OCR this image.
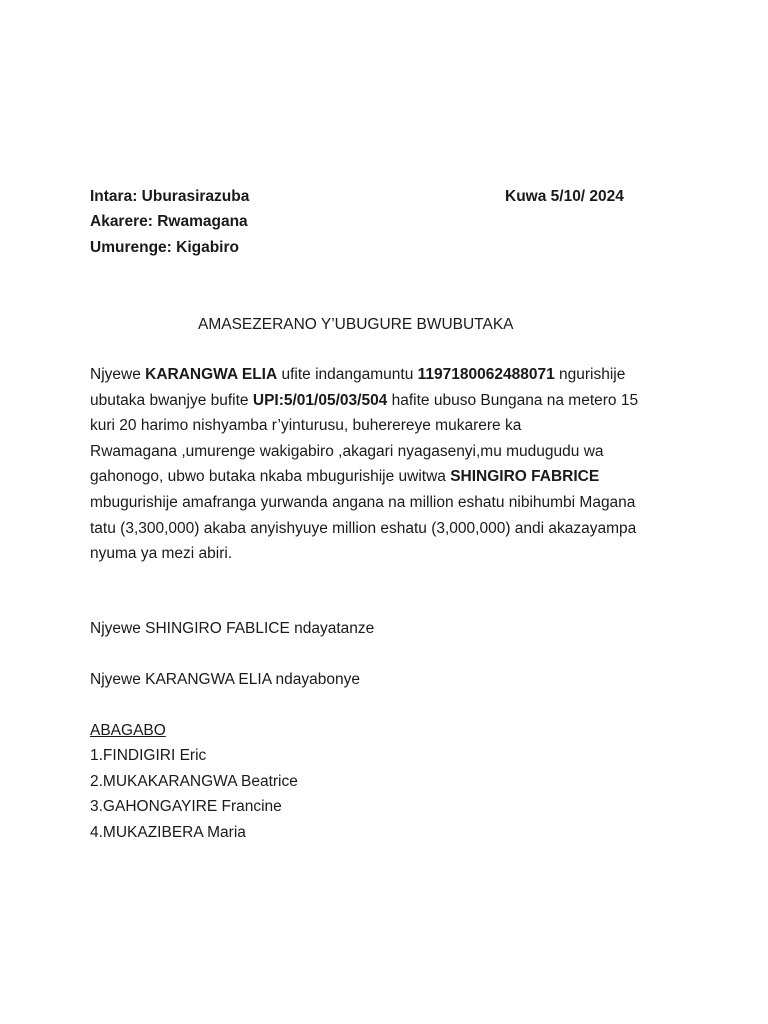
Intara: Uburasirazuba
Akarere: Rwamagana
Umurenge: Kigabiro
Kuwa 5/10/ 2024
AMASEZERANO Y’UBUGURE BWUBUTAKA
Njyewe KARANGWA ELIA ufite indangamuntu 1197180062488071 ngurishije
ubutaka bwanjye bufite UPI:5/01/05/03/504 hafite ubuso Bungana na metero 15
kuri 20 harimo nishyamba r’yinturusu, buherereye mukarere ka
Rwamagana ,umurenge wakigabiro ,akagari nyagasenyi,mu mudugudu wa
gahonogo, ubwo butaka nkaba mbugurishije uwitwa SHINGIRO FABRICE
mbugurishije amafranga yurwanda angana na million eshatu nibihumbi Magana
tatu (3,300,000) akaba anyishyuye million eshatu (3,000,000) andi akazayampa
nyuma ya mezi abiri.
Njyewe SHINGIRO FABLICE ndayatanze
Njyewe KARANGWA ELIA ndayabonye
ABAGABO
1.FINDIGIRI Eric
2.MUKAKARANGWA Beatrice
3.GAHONGAYIRE Francine
4.MUKAZIBERA Maria
